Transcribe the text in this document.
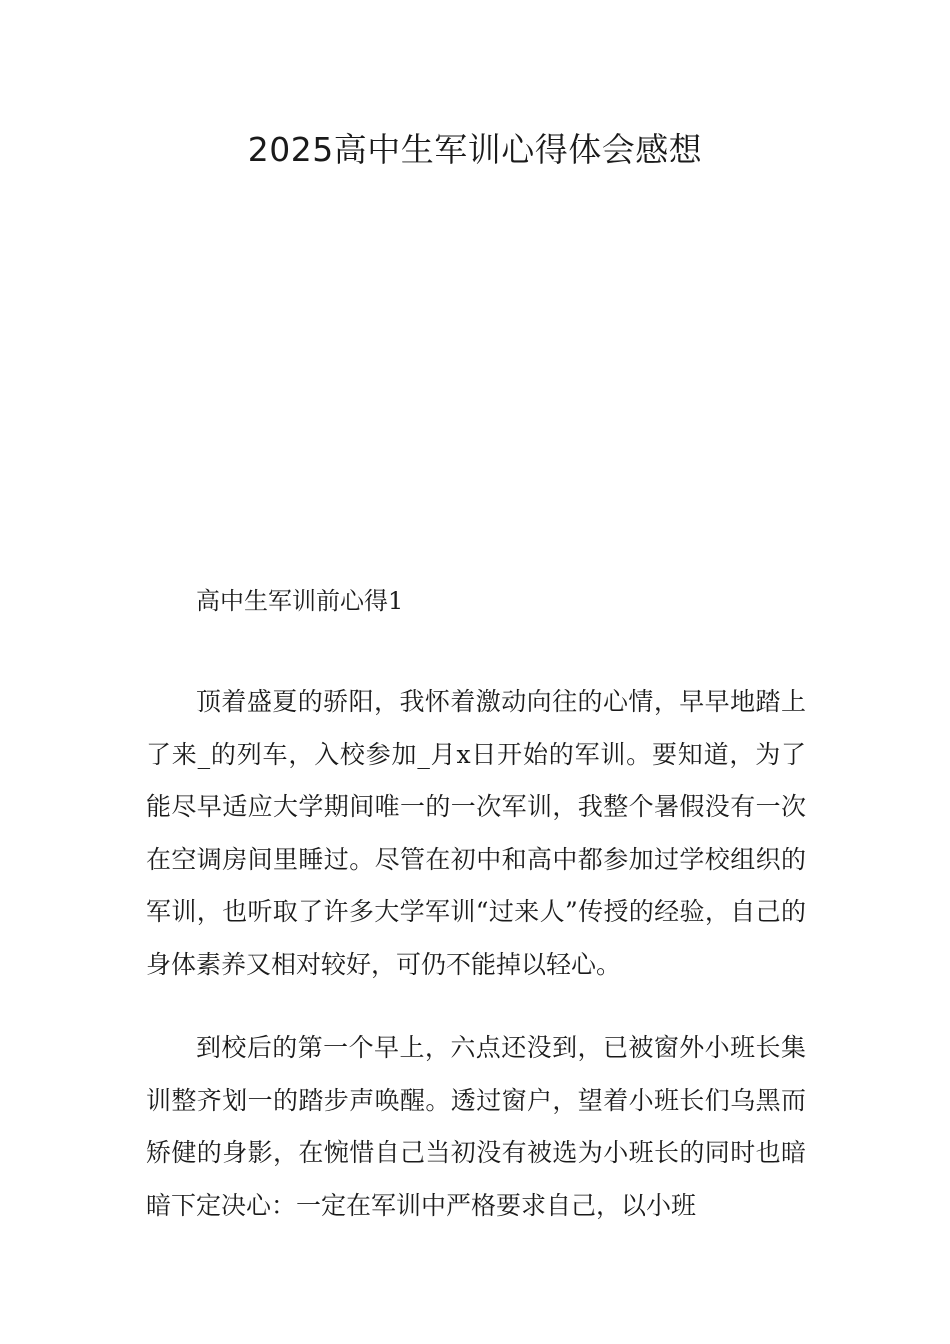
2025高中生军训心得体会感想
高中生军训前心得1

顶着盛夏的骄阳，我怀着激动向往的心情，早早地踏上了来_的列车，入校参加_月x日开始的军训。要知道，为了能尽早适应大学期间唯一的一次军训，我整个暑假没有一次在空调房间里睡过。尽管在初中和高中都参加过学校组织的军训，也听取了许多大学军训“过来人”传授的经验，自己的身体素养又相对较好，可仍不能掉以轻心。

到校后的第一个早上，六点还没到，已被窗外小班长集训整齐划一的踏步声唤醒。透过窗户，望着小班长们乌黑而矫健的身影，在惋惜自己当初没有被选为小班长的同时也暗暗下定决心：一定在军训中严格要求自己，以小班
